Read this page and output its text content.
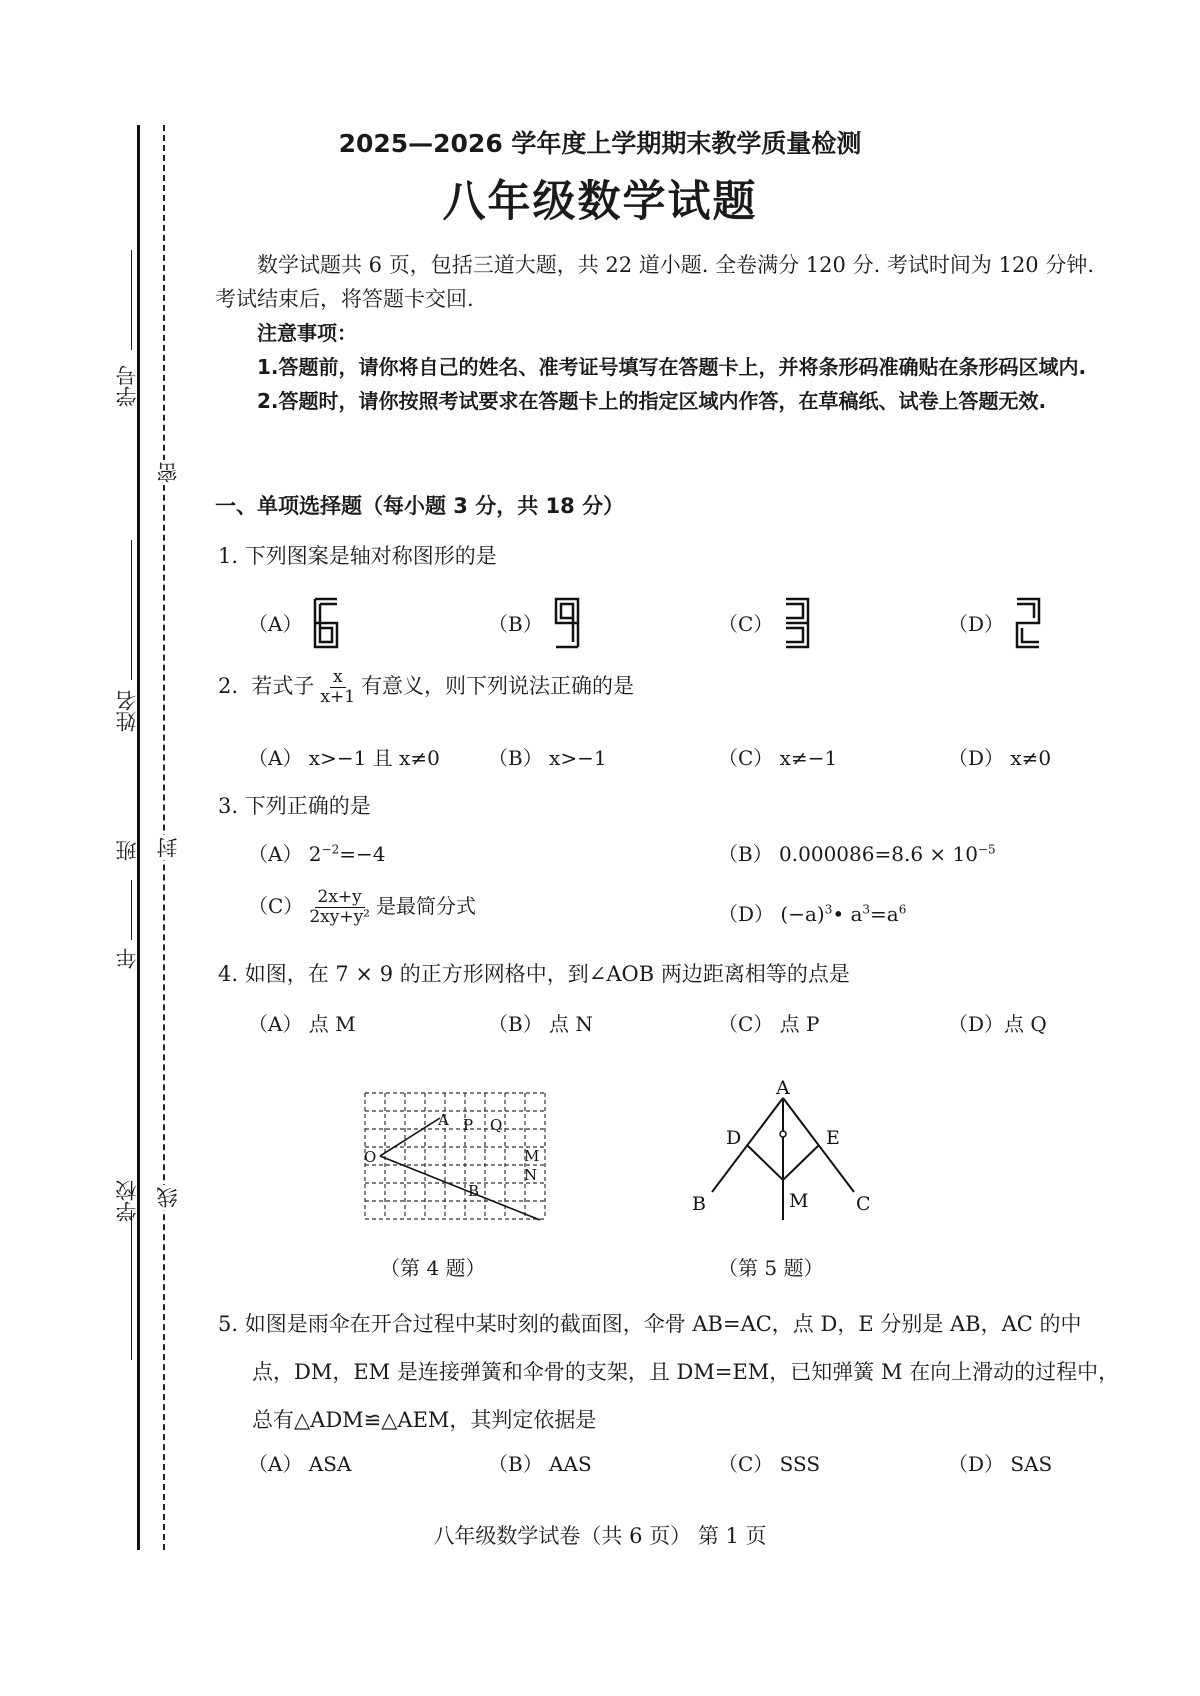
学号
姓名
班
年
学校
密
封
线
2025—2026 学年度上学期期末教学质量检测
八年级数学试题

数学试题共 6 页，包括三道大题，共 22 道小题. 全卷满分 120 分. 考试时间为 120 分钟. 考试结束后，将答题卡交回.

注意事项：

1.答题前，请你将自己的姓名、准考证号填写在答题卡上，并将条形码准确贴在条形码区域内.

2.答题时，请你按照考试要求在答题卡上的指定区域内作答，在草稿纸、试卷上答题无效.

一、单项选择题（每小题 3 分，共 18 分）
1. 下列图案是轴对称图形的是
（A）	（B）	（C）	（D）
2. 若式子 $\frac{x}{x+1}$ 有意义，则下列说法正确的是
（A） x>−1 且 x≠0 （B） x>−1	（C） x≠−1	（D） x≠0
3. 下列正确的是
（A） $2^{-2}=-4$	（B） $0.000086=8.6 \times 10^{-5}$
$(C) \frac{2x+y}{\text{2xy+y²}}$ 是最简分式	（D） $(-a)^3•$ $a^3=a^6$
4. 如图，在 7 × 9 的正方形网格中，到∠AOB 两边距离相等的点是
（A） 点 M	（B） 点 N	（C） 点 P	（D）点 Q
O
A P Q
M
N
B
（第 4 题）
A
D	E
B	M	C
（第 5 题）
5. 如图是雨伞在开合过程中某时刻的截面图，伞骨 AB=AC，点 D，E 分别是 AB，AC 的中
点，DM，EM 是连接弹簧和伞骨的支架，且 DM=EM，已知弹簧 M 在向上滑动的过程中，
总有△ADM≌△AEM，其判定依据是
（A） ASA	（B） AAS	（C） SSS	（D） SAS
八年级数学试卷（共 6 页） 第 1 页
